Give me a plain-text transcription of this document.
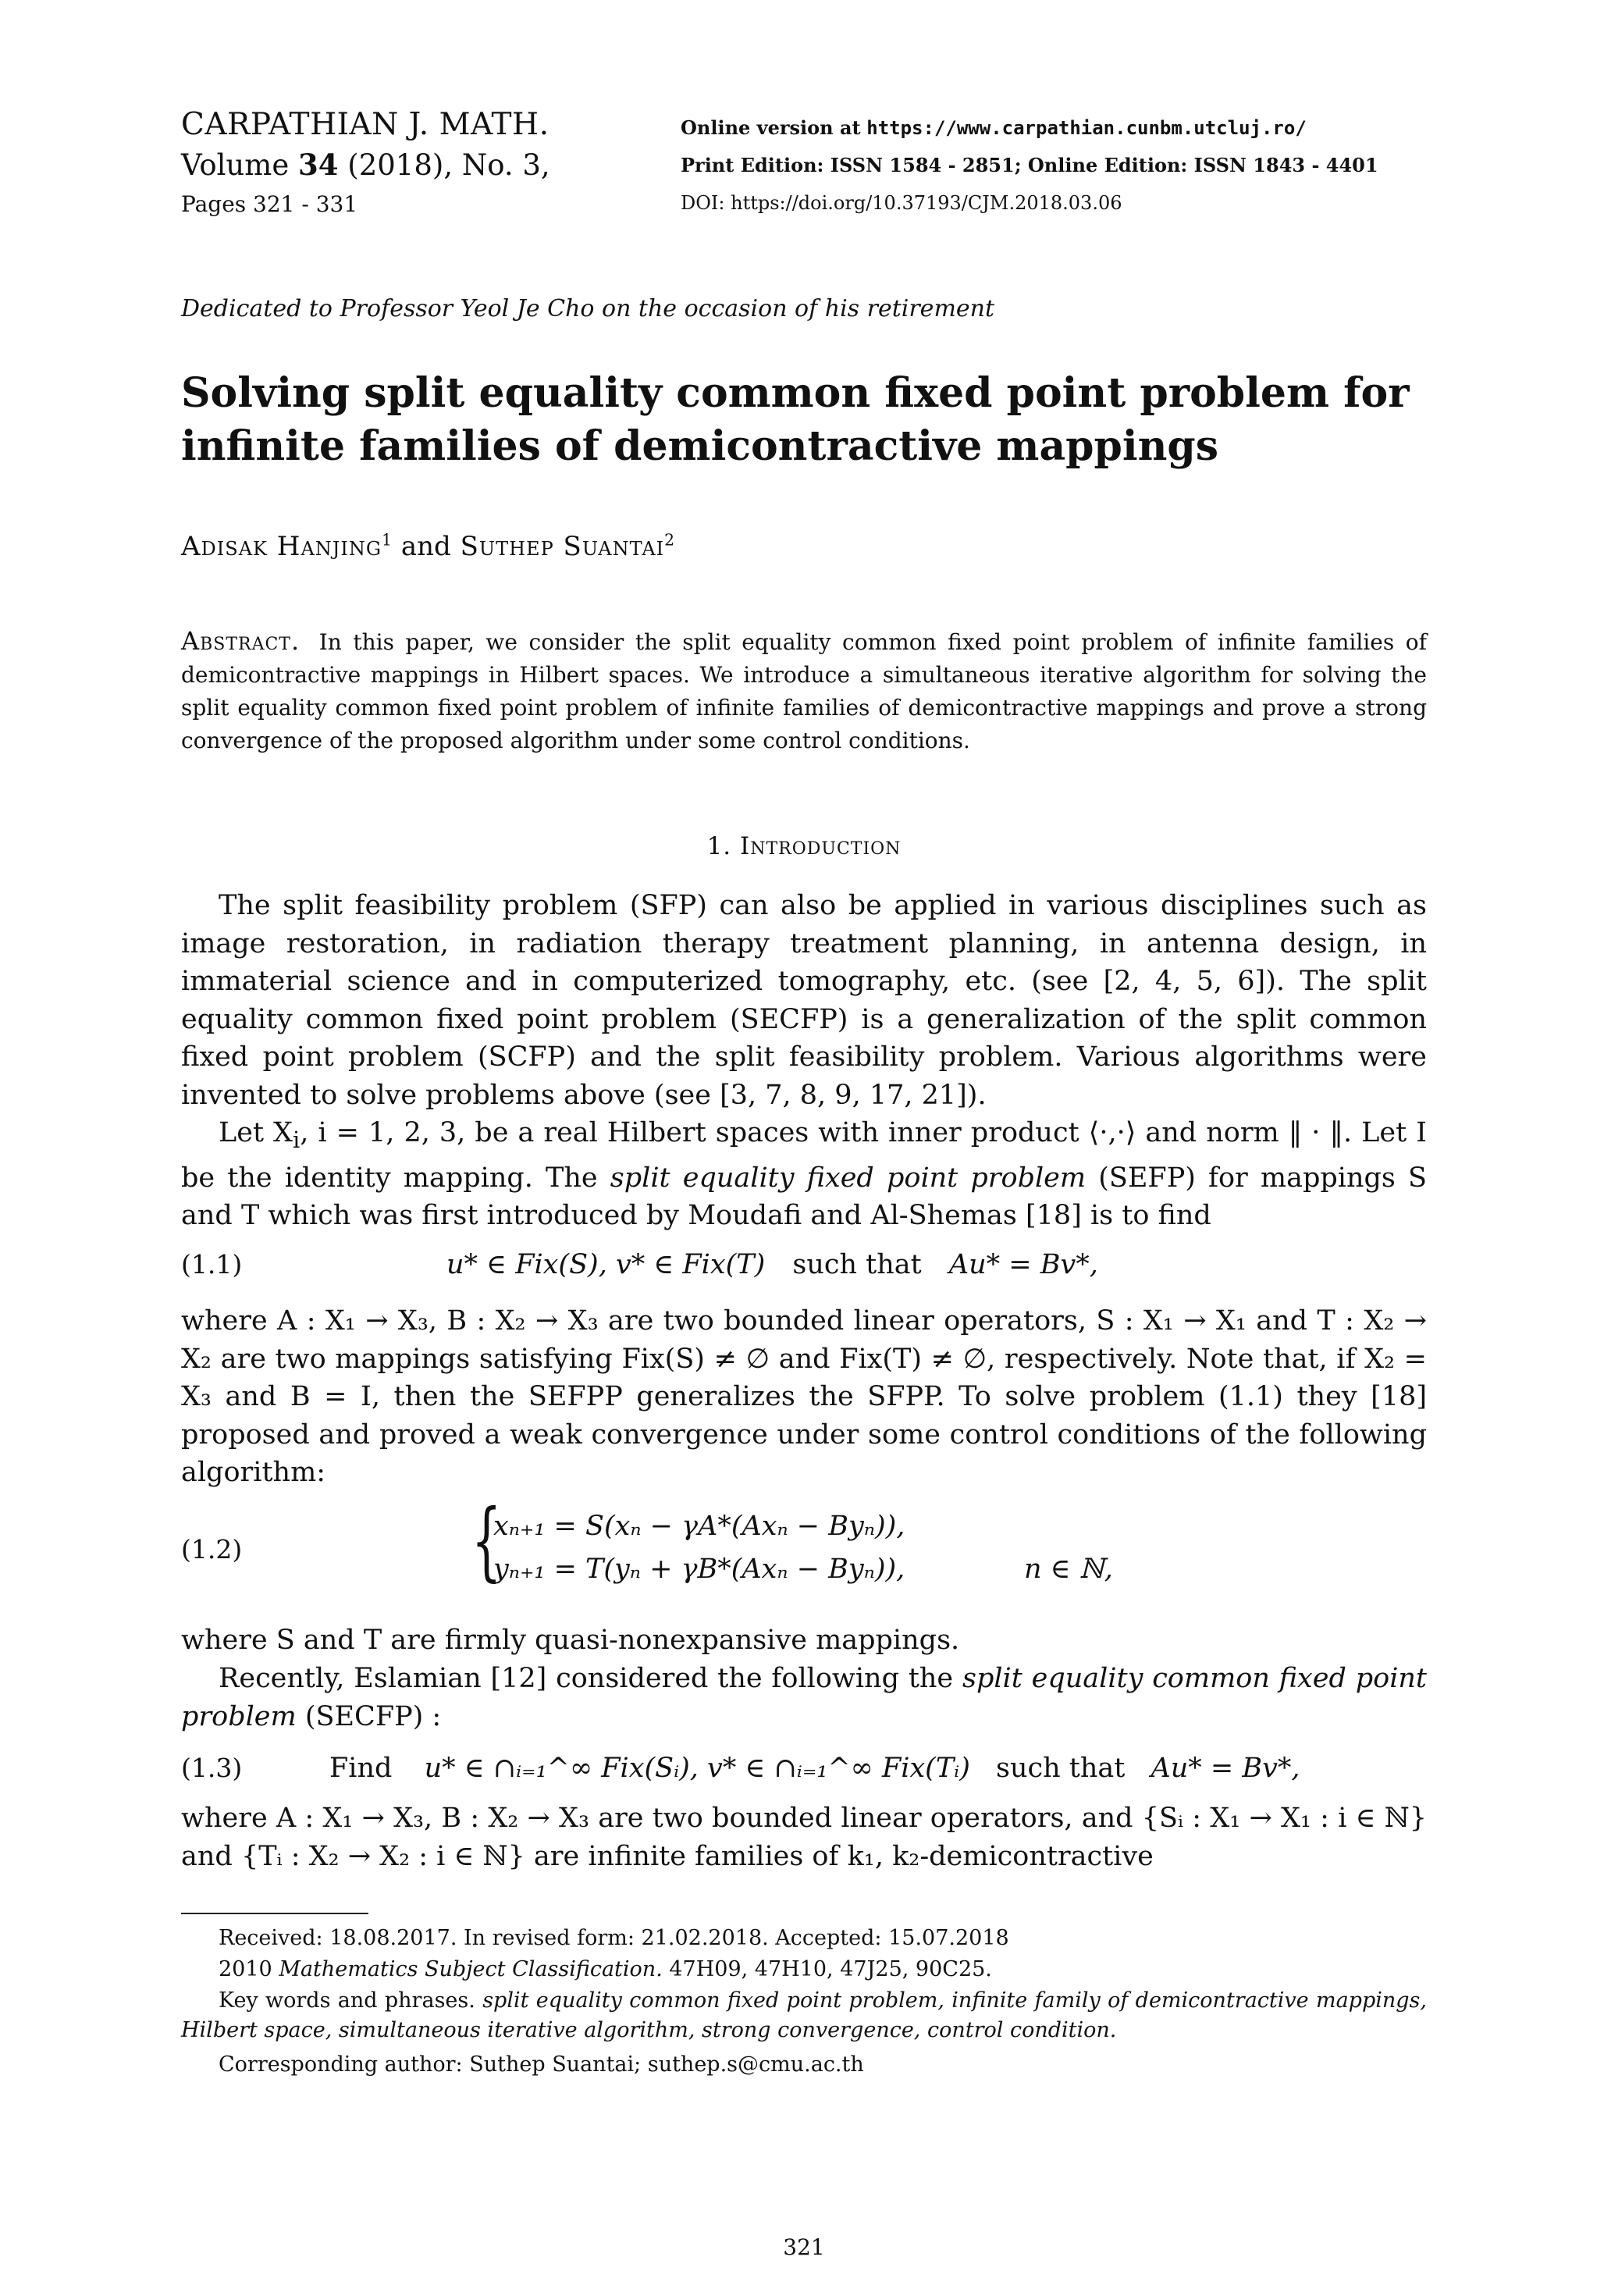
CARPATHIAN J. MATH.

Volume 34 (2018), No. 3,

Pages 321 - 331

Online version at https://www.carpathian.cunbm.utcluj.ro/
Print Edition: ISSN 1584 - 2851; Online Edition: ISSN 1843 - 4401
DOI: https://doi.org/10.37193/CJM.2018.03.06
Dedicated to Professor Yeol Je Cho on the occasion of his retirement
Solving split equality common fixed point problem for
infinite families of demicontractive mappings
Adisak Hanjing$^1$ and Suthep Suantai$^2$
Abstract. In this paper, we consider the split equality common fixed point problem of infinite families of demicontractive mappings in Hilbert spaces. We introduce a simultaneous iterative algorithm for solving the split equality common fixed point problem of infinite families of demicontractive mappings and prove a strong convergence of the proposed algorithm under some control conditions.
1. Introduction

The split feasibility problem (SFP) can also be applied in various disciplines such as image restoration, in radiation therapy treatment planning, in antenna design, in immaterial science and in computerized tomography, etc. (see [2, 4, 5, 6]). The split equality common fixed point problem (SECFP) is a generalization of the split common fixed point problem (SCFP) and the split feasibility problem. Various algorithms were invented to solve problems above (see [3, 7, 8, 9, 17, 21]).

Let $X_i$, i = 1, 2, 3, be a real Hilbert spaces with inner product ⟨·,·⟩ and norm ‖ · ‖. Let I be the identity mapping. The split equality fixed point problem (SEFP) for mappings S and T which was first introduced by Moudafi and Al-Shemas [18] is to find

(1.1)	u* ∈ Fix(S), v* ∈ Fix(T) such that Au* = Bv*,

where A : X₁ → X₃, B : X₂ → X₃ are two bounded linear operators, S : X₁ → X₁ and T : X₂ → X₂ are two mappings satisfying Fix(S) ≠ ∅ and Fix(T) ≠ ∅, respectively. Note that, if X₂ = X₃ and B = I, then the SEFPP generalizes the SFPP. To solve problem (1.1) they [18] proposed and proved a weak convergence under some control conditions of the following algorithm:

(1.2)	{
xₙ₊₁ = S(xₙ − γA*(Axₙ − Byₙ)),
yₙ₊₁ = T(yₙ + γB*(Axₙ − Byₙ)),	n ∈ ℕ,

where S and T are firmly quasi-nonexpansive mappings.

Recently, Eslamian [12] considered the following the split equality common fixed point problem (SECFP) :

(1.3)	Find u* ∈ ∩ᵢ₌₁^∞ Fix(Sᵢ), v* ∈ ∩ᵢ₌₁^∞ Fix(Tᵢ) such that Au* = Bv*,

where A : X₁ → X₃, B : X₂ → X₃ are two bounded linear operators, and {Sᵢ : X₁ → X₁ : i ∈ ℕ} and {Tᵢ : X₂ → X₂ : i ∈ ℕ} are infinite families of k₁, k₂-demicontractive

Received: 18.08.2017. In revised form: 21.02.2018. Accepted: 15.07.2018
2010 Mathematics Subject Classification. 47H09, 47H10, 47J25, 90C25.
Key words and phrases. split equality common fixed point problem, infinite family of demicontractive mappings, Hilbert space, simultaneous iterative algorithm, strong convergence, control condition.
Corresponding author: Suthep Suantai; suthep.s@cmu.ac.th
321
